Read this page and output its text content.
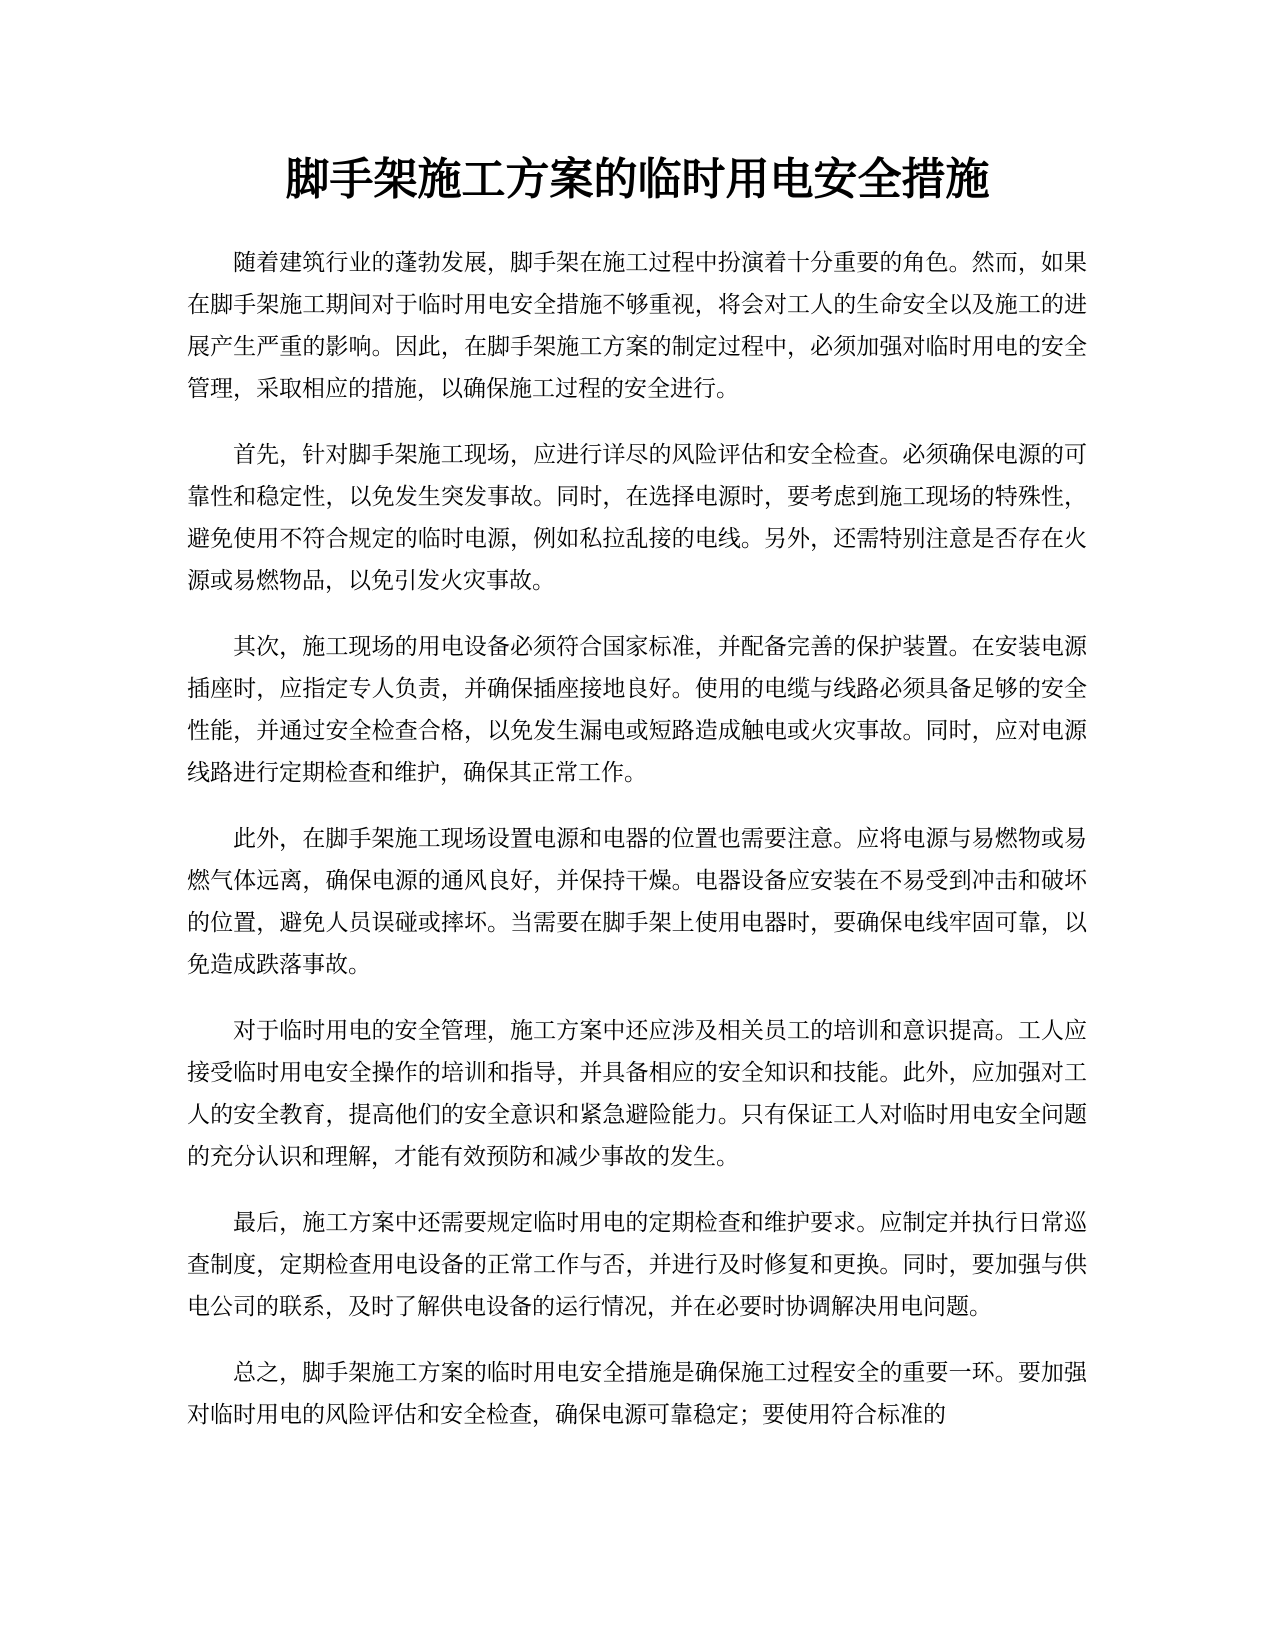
脚手架施工方案的临时用电安全措施

随着建筑行业的蓬勃发展，脚手架在施工过程中扮演着十分重要的角色。然而，如果在脚手架施工期间对于临时用电安全措施不够重视，将会对工人的生命安全以及施工的进展产生严重的影响。因此，在脚手架施工方案的制定过程中，必须加强对临时用电的安全管理，采取相应的措施，以确保施工过程的安全进行。

首先，针对脚手架施工现场，应进行详尽的风险评估和安全检查。必须确保电源的可靠性和稳定性，以免发生突发事故。同时，在选择电源时，要考虑到施工现场的特殊性，避免使用不符合规定的临时电源，例如私拉乱接的电线。另外，还需特别注意是否存在火源或易燃物品，以免引发火灾事故。

其次，施工现场的用电设备必须符合国家标准，并配备完善的保护装置。在安装电源插座时，应指定专人负责，并确保插座接地良好。使用的电缆与线路必须具备足够的安全性能，并通过安全检查合格，以免发生漏电或短路造成触电或火灾事故。同时，应对电源线路进行定期检查和维护，确保其正常工作。

此外，在脚手架施工现场设置电源和电器的位置也需要注意。应将电源与易燃物或易燃气体远离，确保电源的通风良好，并保持干燥。电器设备应安装在不易受到冲击和破坏的位置，避免人员误碰或摔坏。当需要在脚手架上使用电器时，要确保电线牢固可靠，以免造成跌落事故。

对于临时用电的安全管理，施工方案中还应涉及相关员工的培训和意识提高。工人应接受临时用电安全操作的培训和指导，并具备相应的安全知识和技能。此外，应加强对工人的安全教育，提高他们的安全意识和紧急避险能力。只有保证工人对临时用电安全问题的充分认识和理解，才能有效预防和减少事故的发生。

最后，施工方案中还需要规定临时用电的定期检查和维护要求。应制定并执行日常巡查制度，定期检查用电设备的正常工作与否，并进行及时修复和更换。同时，要加强与供电公司的联系，及时了解供电设备的运行情况，并在必要时协调解决用电问题。

总之，脚手架施工方案的临时用电安全措施是确保施工过程安全的重要一环。要加强对临时用电的风险评估和安全检查，确保电源可靠稳定；要使用符合标准的
